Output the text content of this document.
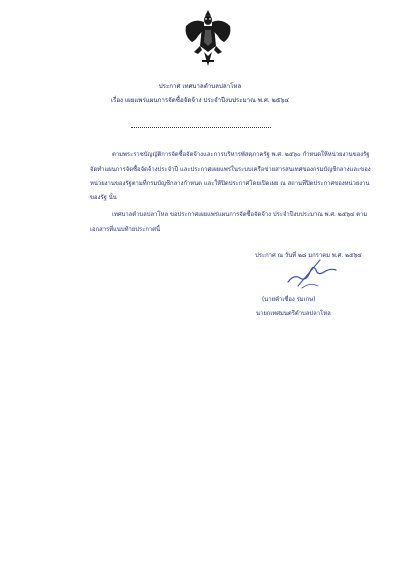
ประกาศ เทศบาลตำบลปลาโหล
เรื่อง เผยแพร่แผนการจัดซื้อจัดจ้าง ประจำปีงบประมาณ พ.ศ. ๒๕๖๔
ตามพระราชบัญญัติการจัดซื้อจัดจ้างและการบริหารพัสดุภาครัฐ พ.ศ. ๒๕๖๐ กำหนดให้หน่วยงานของรัฐ
จัดทำแผนการจัดซื้อจัดจ้างประจำปี และประกาศเผยแพร่ในระบบเครือข่ายสารสนเทศของกรมบัญชีกลางและของ
หน่วยงานของรัฐตามที่กรมบัญชีกลางกำหนด และให้ปิดประกาศโดยเปิดเผย ณ สถานที่ปิดประกาศของหน่วยงาน
ของรัฐ นั้น
เทศบาลตำบลปลาโหล ขอประกาศเผยแพร่แผนการจัดซื้อจัดจ้าง ประจำปีงบประมาณ พ.ศ. ๒๕๖๔ ตาม
เอกสารที่แนบท้ายประกาศนี้
ประกาศ ณ วันที่ ๒๘ มกราคม พ.ศ. ๒๕๖๔
(นายคำเชื่อง ร่มเกษ)
นายกเทศมนตรีตำบลปลาโหล
